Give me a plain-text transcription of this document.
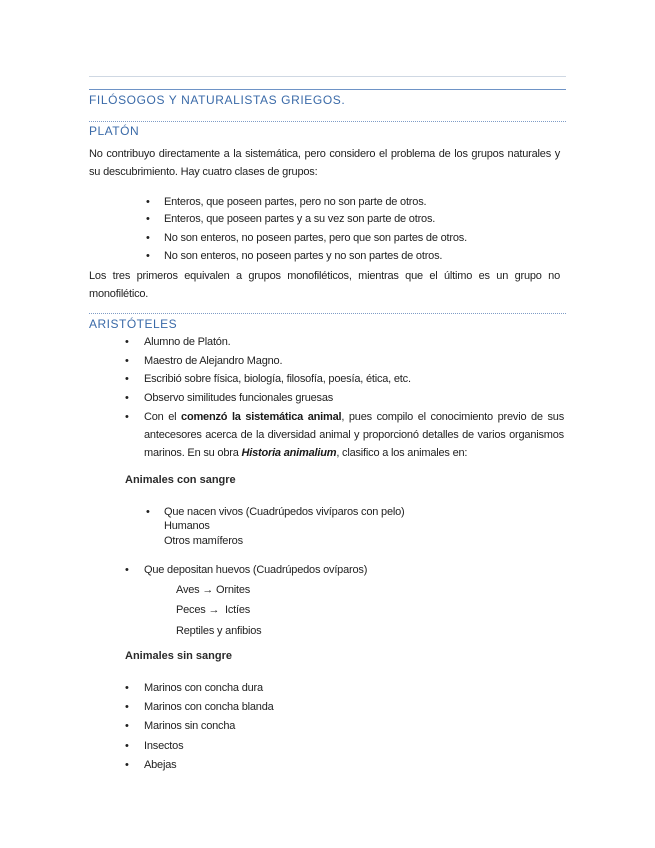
FILÓSOGOS Y NATURALISTAS GRIEGOS.
PLATÓN
No contribuyo directamente a la sistemática, pero considero el problema de los grupos naturales y su descubrimiento. Hay cuatro clases de grupos:
• Enteros, que poseen partes, pero no son parte de otros.
• Enteros, que poseen partes y a su vez son parte de otros.
• No son enteros, no poseen partes, pero que son partes de otros.
• No son enteros, no poseen partes y no son partes de otros.
Los tres primeros equivalen a grupos monofiléticos, mientras que el último es un grupo no monofilético.
ARISTÓTELES
• Alumno de Platón.
• Maestro de Alejandro Magno.
• Escribió sobre física, biología, filosofía, poesía, ética, etc.
• Observo similitudes funcionales gruesas
• Con el comenzó la sistemática animal, pues compilo el conocimiento previo de sus antecesores acerca de la diversidad animal y proporcionó detalles de varios organismos marinos. En su obra Historia animalium, clasifico a los animales en:
Animales con sangre
• Que nacen vivos (Cuadrúpedos vivíparos con pelo)
Humanos
Otros mamíferos
• Que depositan huevos (Cuadrúpedos ovíparos)
Aves → Ornites
Peces → Ictíes
Reptiles y anfibios
Animales sin sangre
• Marinos con concha dura
• Marinos con concha blanda
• Marinos sin concha
• Insectos
• Abejas
